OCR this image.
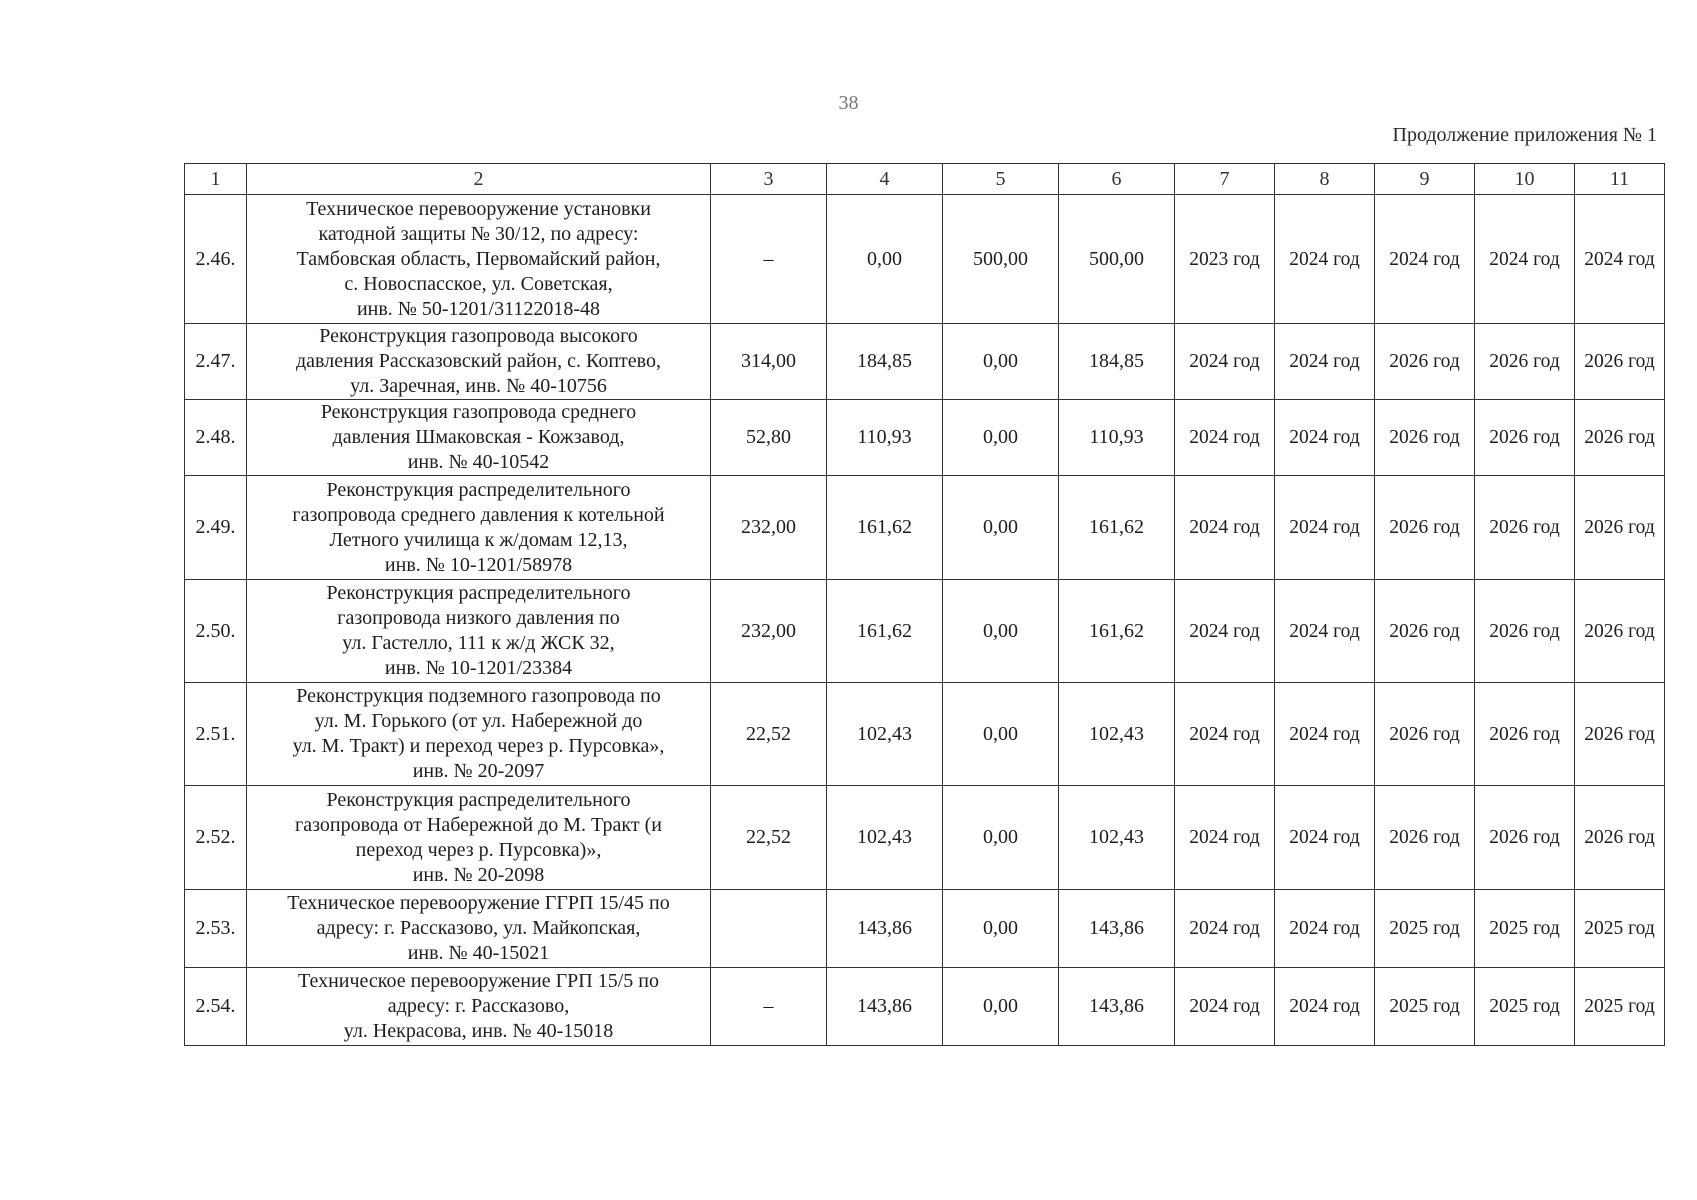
38
Продолжение приложения № 1
1	2	3	4	5	6	7	8	9	10	11
2.46.	Техническое перевооружение установки
катодной защиты № 30/12, по адресу:
Тамбовская область, Первомайский район,
с. Новоспасское, ул. Советская,
инв. № 50-1201/31122018-48	–	0,00	500,00	500,00	2023 год	2024 год	2024 год	2024 год	2024 год
2.47.	Реконструкция газопровода высокого
давления Рассказовский район, с. Коптево,
ул. Заречная, инв. № 40-10756	314,00	184,85	0,00	184,85	2024 год	2024 год	2026 год	2026 год	2026 год
2.48.	Реконструкция газопровода среднего
давления Шмаковская - Кожзавод,
инв. № 40-10542	52,80	110,93	0,00	110,93	2024 год	2024 год	2026 год	2026 год	2026 год
2.49.	Реконструкция распределительного
газопровода среднего давления к котельной
Летного училища к ж/домам 12,13,
инв. № 10-1201/58978	232,00	161,62	0,00	161,62	2024 год	2024 год	2026 год	2026 год	2026 год
2.50.	Реконструкция распределительного
газопровода низкого давления по
ул. Гастелло, 111 к ж/д ЖСК 32,
инв. № 10-1201/23384	232,00	161,62	0,00	161,62	2024 год	2024 год	2026 год	2026 год	2026 год
2.51.	Реконструкция подземного газопровода по
ул. М. Горького (от ул. Набережной до
ул. М. Тракт) и переход через р. Пурсовка»,
инв. № 20-2097	22,52	102,43	0,00	102,43	2024 год	2024 год	2026 год	2026 год	2026 год
2.52.	Реконструкция распределительного
газопровода от Набережной до М. Тракт (и
переход через р. Пурсовка)»,
инв. № 20-2098	22,52	102,43	0,00	102,43	2024 год	2024 год	2026 год	2026 год	2026 год
2.53.	Техническое перевооружение ГГРП 15/45 по
адресу: г. Рассказово, ул. Майкопская,
инв. № 40-15021		143,86	0,00	143,86	2024 год	2024 год	2025 год	2025 год	2025 год
2.54.	Техническое перевооружение ГРП 15/5 по
адресу: г. Рассказово,
ул. Некрасова, инв. № 40-15018	–	143,86	0,00	143,86	2024 год	2024 год	2025 год	2025 год	2025 год
